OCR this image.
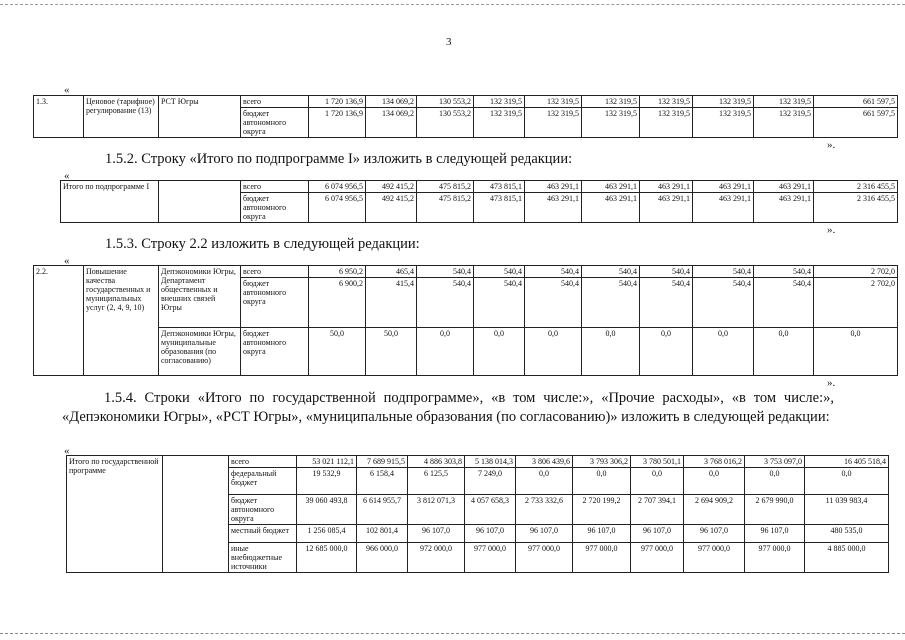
3
«
1.3.	Ценовое (тарифное) регулирование (13)	РСТ Югры	всего	1 720 136,9	134 069,2	130 553,2	132 319,5	132 319,5	132 319,5	132 319,5	132 319,5	132 319,5	661 597,5
			бюджет автономного округа	1 720 136,9	134 069,2	130 553,2	132 319,5	132 319,5	132 319,5	132 319,5	132 319,5	132 319,5	661 597,5
».
1.5.2. Строку «Итого по подпрограмме I» изложить в следующей редакции:
«
Итого по подпрограмме I		всего	6 074 956,5	492 415,2	475 815,2	473 815,1	463 291,1	463 291,1	463 291,1	463 291,1	463 291,1	2 316 455,5
		бюджет автономного округа	6 074 956,5	492 415,2	475 815,2	473 815,1	463 291,1	463 291,1	463 291,1	463 291,1	463 291,1	2 316 455,5
».
1.5.3. Строку 2.2 изложить в следующей редакции:
«
2.2.	Повышение качества государственных и муниципальных услуг (2, 4, 9, 10)	Депэкономики Югры, Департамент общественных и внешних связей Югры	всего	6 950,2	465,4	540,4	540,4	540,4	540,4	540,4	540,4	540,4	2 702,0
			бюджет автономного округа	6 900,2	415,4	540,4	540,4	540,4	540,4	540,4	540,4	540,4	2 702,0
		Депэкономики Югры, муниципальные образования (по согласованию)	бюджет автономного округа	50,0	50,0	0,0	0,0	0,0	0,0	0,0	0,0	0,0	0,0
».
1.5.4. Строки «Итого по государственной подпрограмме», «в том числе:», «Прочие расходы», «в том числе:», «Депэкономики Югры», «РСТ Югры», «муниципальные образования (по согласованию)» изложить в следующей редакции:
«
Итого по государственной программе		всего	53 021 112,1	7 689 915,5	4 886 303,8	5 138 014,3	3 806 439,6	3 793 306,2	3 780 501,1	3 768 016,2	3 753 097,0	16 405 518,4
		федеральный бюджет	19 532,9	6 158,4	6 125,5	7 249,0	0,0	0,0	0,0	0,0	0,0	0,0
		бюджет автономного округа	39 060 493,8	6 614 955,7	3 812 071,3	4 057 658,3	2 733 332,6	2 720 199,2	2 707 394,1	2 694 909,2	2 679 990,0	11 039 983,4
		местный бюджет	1 256 085,4	102 801,4	96 107,0	96 107,0	96 107,0	96 107,0	96 107,0	96 107,0	96 107,0	480 535,0
		иные внебюджетные источники	12 685 000,0	966 000,0	972 000,0	977 000,0	977 000,0	977 000,0	977 000,0	977 000,0	977 000,0	4 885 000,0
